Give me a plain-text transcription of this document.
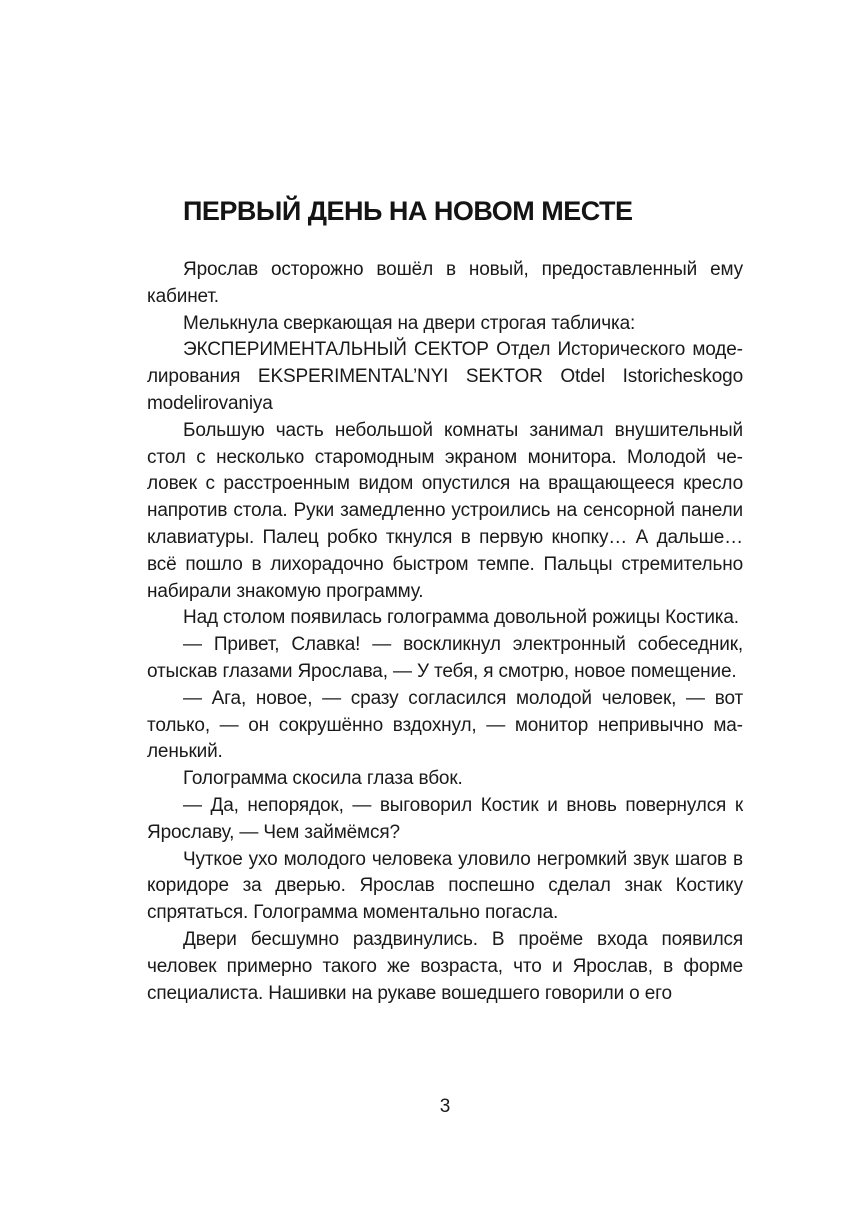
ПЕРВЫЙ ДЕНЬ НА НОВОМ МЕСТЕ

Ярослав осторожно вошёл в новый, предоставленный ему кабинет.

Мелькнула сверкающая на двери строгая табличка:

ЭКСПЕРИМЕНТАЛЬНЫЙ СЕКТОР Отдел Исторического моделирования EKSPERIMENTAL’NYI SEKTOR Otdel Istoricheskogo modelirovaniya

Большую часть небольшой комнаты занимал внушительный стол с несколько старомодным экраном монитора. Молодой человек с расстроенным видом опустился на вращающееся кресло напротив стола. Руки замедленно устроились на сенсорной панели клавиатуры. Палец робко ткнулся в первую кнопку… А дальше… всё пошло в лихорадочно быстром темпе. Пальцы стремительно набирали знакомую программу.

Над столом появилась голограмма довольной рожицы Костика.

— Привет, Славка! — воскликнул электронный собеседник, отыскав глазами Ярослава, — У тебя, я смотрю, новое помещение.

— Ага, новое, — сразу согласился молодой человек, — вот только, — он сокрушённо вздохнул, — монитор непривычно маленький.

Голограмма скосила глаза вбок.

— Да, непорядок, — выговорил Костик и вновь повернулся к Ярославу, — Чем займёмся?

Чуткое ухо молодого человека уловило негромкий звук шагов в коридоре за дверью. Ярослав поспешно сделал знак Костику спрятаться. Голограмма моментально погасла.

Двери бесшумно раздвинулись. В проёме входа появился человек примерно такого же возраста, что и Ярослав, в форме специалиста. Нашивки на рукаве вошедшего говорили о его

3
